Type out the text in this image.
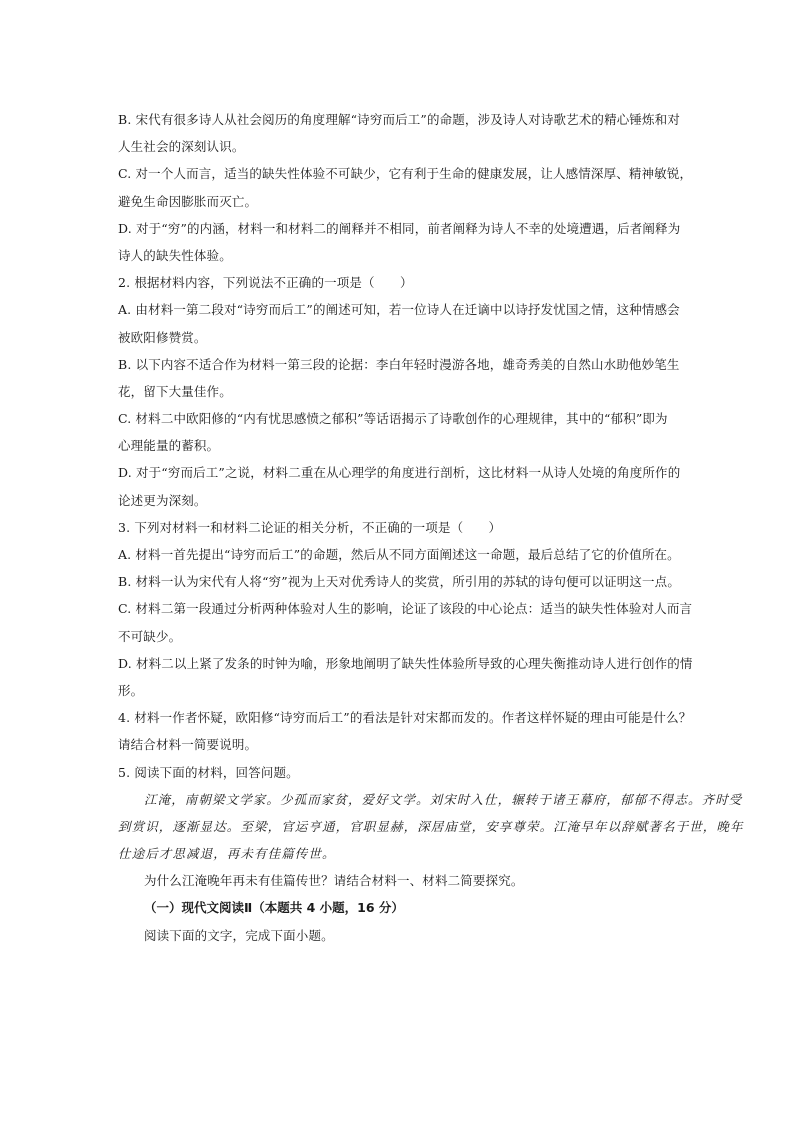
B. 宋代有很多诗人从社会阅历的角度理解“诗穷而后工”的命题，涉及诗人对诗歌艺术的精心锤炼和对
人生社会的深刻认识。
C. 对一个人而言，适当的缺失性体验不可缺少，它有利于生命的健康发展，让人感情深厚、精神敏锐，
避免生命因膨胀而灭亡。
D. 对于“穷”的内涵，材料一和材料二的阐释并不相同，前者阐释为诗人不幸的处境遭遇，后者阐释为
诗人的缺失性体验。
2. 根据材料内容，下列说法不正确的一项是（　　）
A. 由材料一第二段对“诗穷而后工”的阐述可知，若一位诗人在迁谪中以诗抒发忧国之情，这种情感会
被欧阳修赞赏。
B. 以下内容不适合作为材料一第三段的论据：李白年轻时漫游各地，雄奇秀美的自然山水助他妙笔生
花，留下大量佳作。
C. 材料二中欧阳修的“内有忧思感愤之郁积”等话语揭示了诗歌创作的心理规律，其中的“郁积”即为
心理能量的蓄积。
D. 对于“穷而后工”之说，材料二重在从心理学的角度进行剖析，这比材料一从诗人处境的角度所作的
论述更为深刻。
3. 下列对材料一和材料二论证的相关分析，不正确的一项是（　　）
A. 材料一首先提出“诗穷而后工”的命题，然后从不同方面阐述这一命题，最后总结了它的价值所在。
B. 材料一认为宋代有人将“穷”视为上天对优秀诗人的奖赏，所引用的苏轼的诗句便可以证明这一点。
C. 材料二第一段通过分析两种体验对人生的影响，论证了该段的中心论点：适当的缺失性体验对人而言
不可缺少。
D. 材料二以上紧了发条的时钟为喻，形象地阐明了缺失性体验所导致的心理失衡推动诗人进行创作的情
形。
4. 材料一作者怀疑，欧阳修“诗穷而后工”的看法是针对宋都而发的。作者这样怀疑的理由可能是什么？
请结合材料一简要说明。
5. 阅读下面的材料，回答问题。
江淹，南朝梁文学家。少孤而家贫，爱好文学。刘宋时入仕，辗转于诸王幕府，郁郁不得志。齐时受
到赏识，逐渐显达。至梁，官运亨通，官职显赫，深居庙堂，安享尊荣。江淹早年以辞赋著名于世，晚年
仕途后才思减退，再未有佳篇传世。
为什么江淹晚年再未有佳篇传世？请结合材料一、材料二简要探究。
（一）现代文阅读Ⅱ（本题共 4 小题，16 分）
阅读下面的文字，完成下面小题。
